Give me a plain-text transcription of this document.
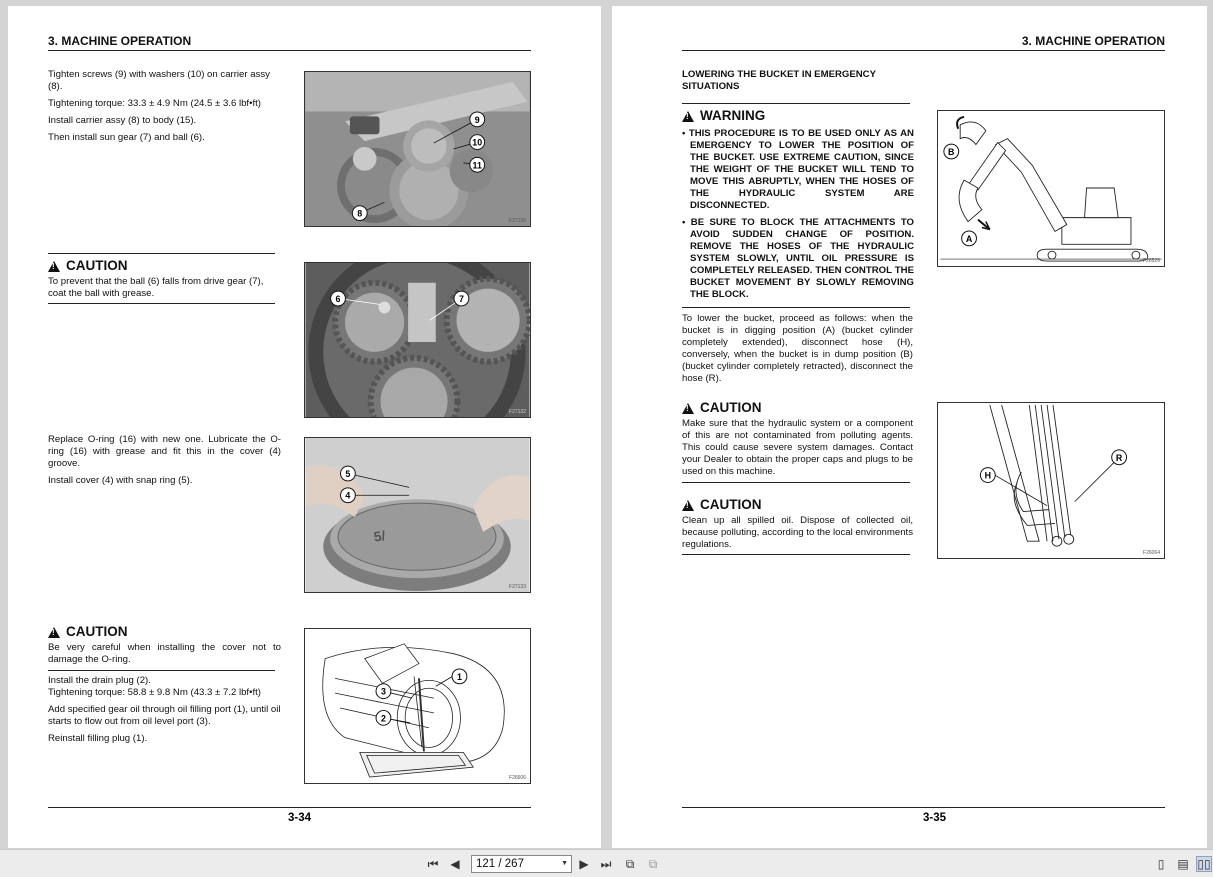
3. MACHINE OPERATION

Tighten screws (9) with washers (10) on carrier assy (8).

Tightening torque: 33.3 ± 4.9 Nm (24.5 ± 3.6 lbf•ft)

Install carrier assy (8) to body (15).

Then install sun gear (7) and ball (6).

9
10
11
8
F27130
!
CAUTION

To prevent that the ball (6) falls from drive gear (7), coat the ball with grease.	6	7
F27132

Replace O-ring (16) with new one. Lubricate the O-ring (16) with grease and fit this in the cover (4) groove.

Install cover (4) with snap ring (5).

5/
5
4
F27133
!
CAUTION

Be very careful when installing the cover not to damage the O-ring.

Install the drain plug (2).

Tightening torque: 58.8 ± 9.8 Nm (43.3 ± 7.2 lbf•ft)

Add specified gear oil through oil filling port (1), until oil starts to flow out from oil level port (3).

Reinstall filling plug (1).

1
3
2
F26606
3-34
3. MACHINE OPERATION
LOWERING THE BUCKET IN EMERGENCY SITUATIONS
!
WARNING

• THIS PROCEDURE IS TO BE USED ONLY AS AN EMERGENCY TO LOWER THE POSITION OF THE BUCKET. USE EXTREME CAUTION, SINCE THE WEIGHT OF THE BUCKET WILL TEND TO MOVE THIS ABRUPTLY, WHEN THE HOSES OF THE HYDRAULIC SYSTEM ARE DISCONNECTED.

• BE SURE TO BLOCK THE ATTACHMENTS TO AVOID SUDDEN CHANGE OF POSITION. REMOVE THE HOSES OF THE HYDRAULIC SYSTEM SLOWLY, UNTIL OIL PRESSURE IS COMPLETELY RELEASED. THEN CONTROL THE BUCKET MOVEMENT BY SLOWLY REMOVING THE BLOCK.

To lower the bucket, proceed as follows: when the bucket is in digging position (A) (bucket cylinder completely extended), disconnect hose (H), conversely, when the bucket is in dump position (B) (bucket cylinder completely retracted), disconnect the hose (R).
!
CAUTION

Make sure that the hydraulic system or a component of this are not contaminated from polluting agents. This could cause severe system damages. Contact your Dealer to obtain the proper caps and plugs to be used on this machine.

!
CAUTION

Clean up all spilled oil. Dispose of collected oil, because polluting, according to the local environments regulations.

B
A
F26526
H
R
F26064
3-35
⏮ ◀	121 / 267	▼ ▶ ⏭	⧉	⧉	▯	▤ ▯▯
